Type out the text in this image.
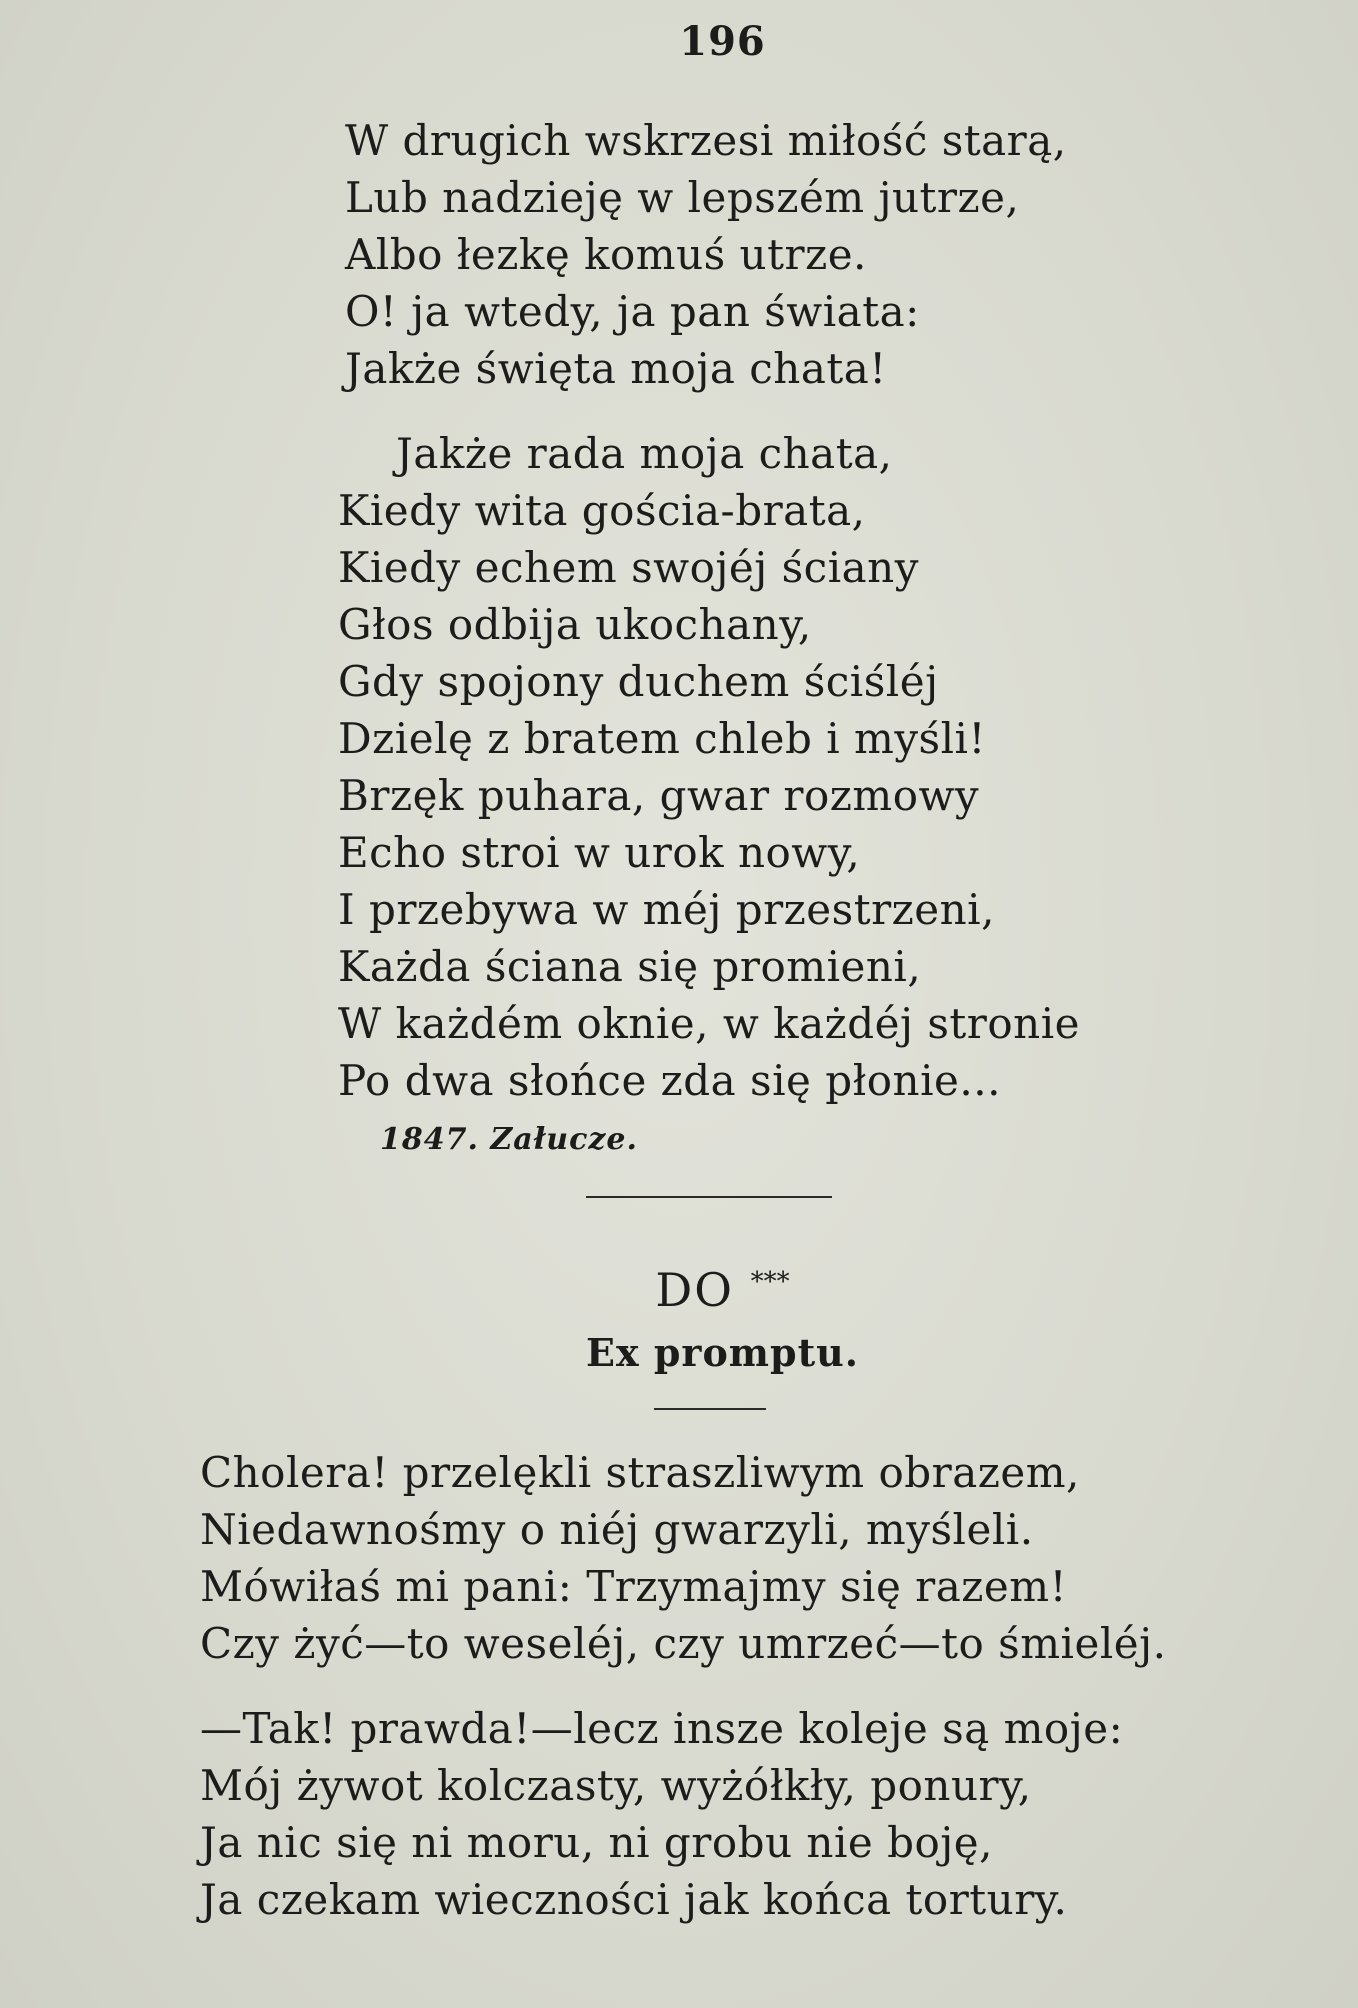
196
W drugich wskrzesi miłość starą,
Lub nadzieję w lepszém jutrze,
Albo łezkę komuś utrze.
O! ja wtedy, ja pan świata:
Jakże święta moja chata!
Jakże rada moja chata,
Kiedy wita gościa-brata,
Kiedy echem swojéj ściany
Głos odbija ukochany,
Gdy spojony duchem ściśléj
Dzielę z bratem chleb i myśli!
Brzęk puhara, gwar rozmowy
Echo stroi w urok nowy,
I przebywa w méj przestrzeni,
Każda ściana się promieni,
W każdém oknie, w każdéj stronie
Po dwa słońce zda się płonie...
1847. Załucze.
DO ***
Ex promptu.
Cholera! przelękli straszliwym obrazem,
Niedawnośmy o niéj gwarzyli, myśleli.
Mówiłaś mi pani: Trzymajmy się razem!
Czy żyć—to weseléj, czy umrzeć—to śmieléj.
—Tak! prawda!—lecz insze koleje są moje:
Mój żywot kolczasty, wyżółkły, ponury,
Ja nic się ni moru, ni grobu nie boję,
Ja czekam wieczności jak końca tortury.
